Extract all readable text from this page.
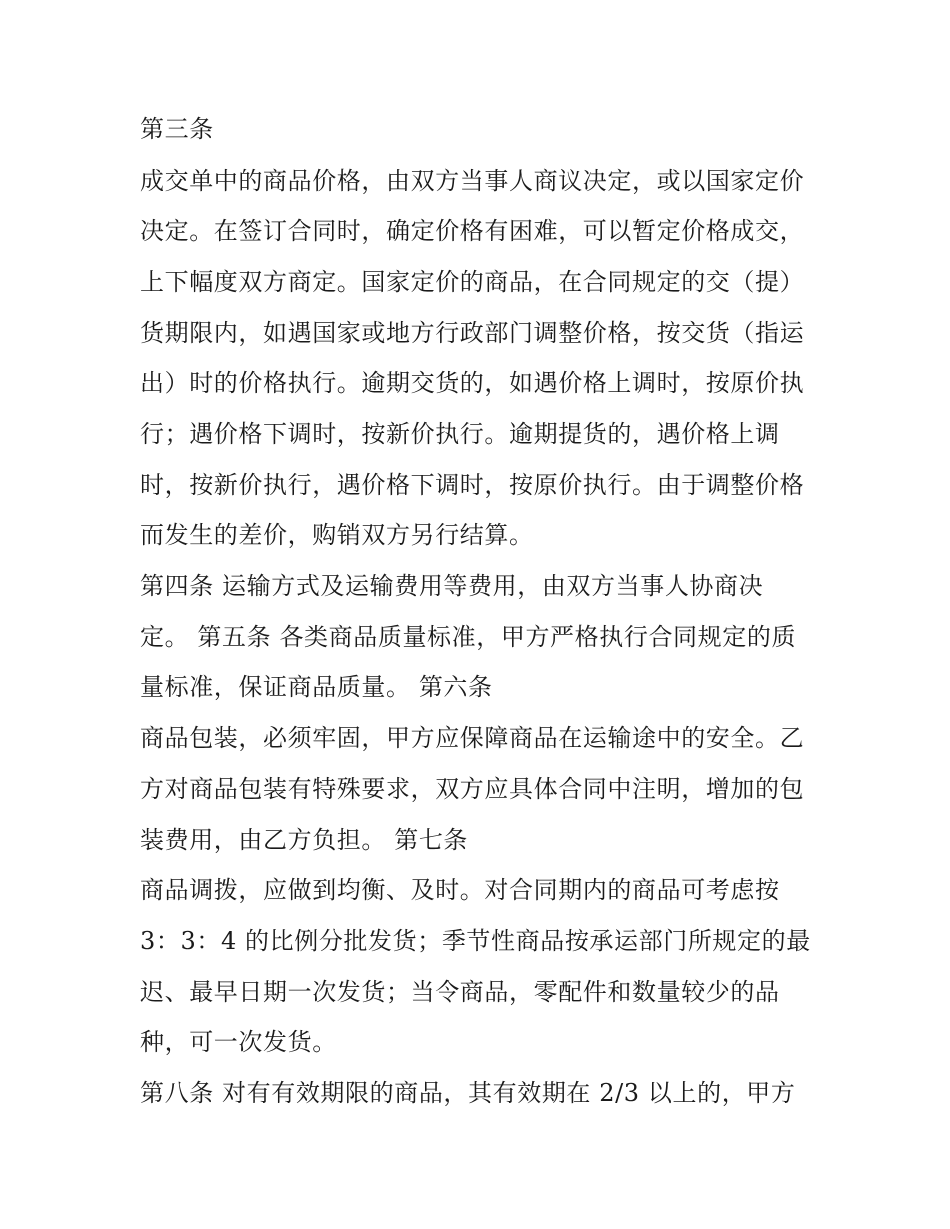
第三条
成交单中的商品价格，由双方当事人商议决定，或以国家定价
决定。在签订合同时，确定价格有困难，可以暂定价格成交，
上下幅度双方商定。国家定价的商品，在合同规定的交（提）
货期限内，如遇国家或地方行政部门调整价格，按交货（指运
出）时的价格执行。逾期交货的，如遇价格上调时，按原价执
行；遇价格下调时，按新价执行。逾期提货的，遇价格上调
时，按新价执行，遇价格下调时，按原价执行。由于调整价格
而发生的差价，购销双方另行结算。
第四条 运输方式及运输费用等费用，由双方当事人协商决
定。 第五条 各类商品质量标准，甲方严格执行合同规定的质
量标准，保证商品质量。 第六条
商品包装，必须牢固，甲方应保障商品在运输途中的安全。乙
方对商品包装有特殊要求，双方应具体合同中注明，增加的包
装费用，由乙方负担。 第七条
商品调拨，应做到均衡、及时。对合同期内的商品可考虑按
3：3：4 的比例分批发货；季节性商品按承运部门所规定的最
迟、最早日期一次发货；当令商品，零配件和数量较少的品
种，可一次发货。
第八条 对有有效期限的商品，其有效期在 2/3 以上的，甲方
